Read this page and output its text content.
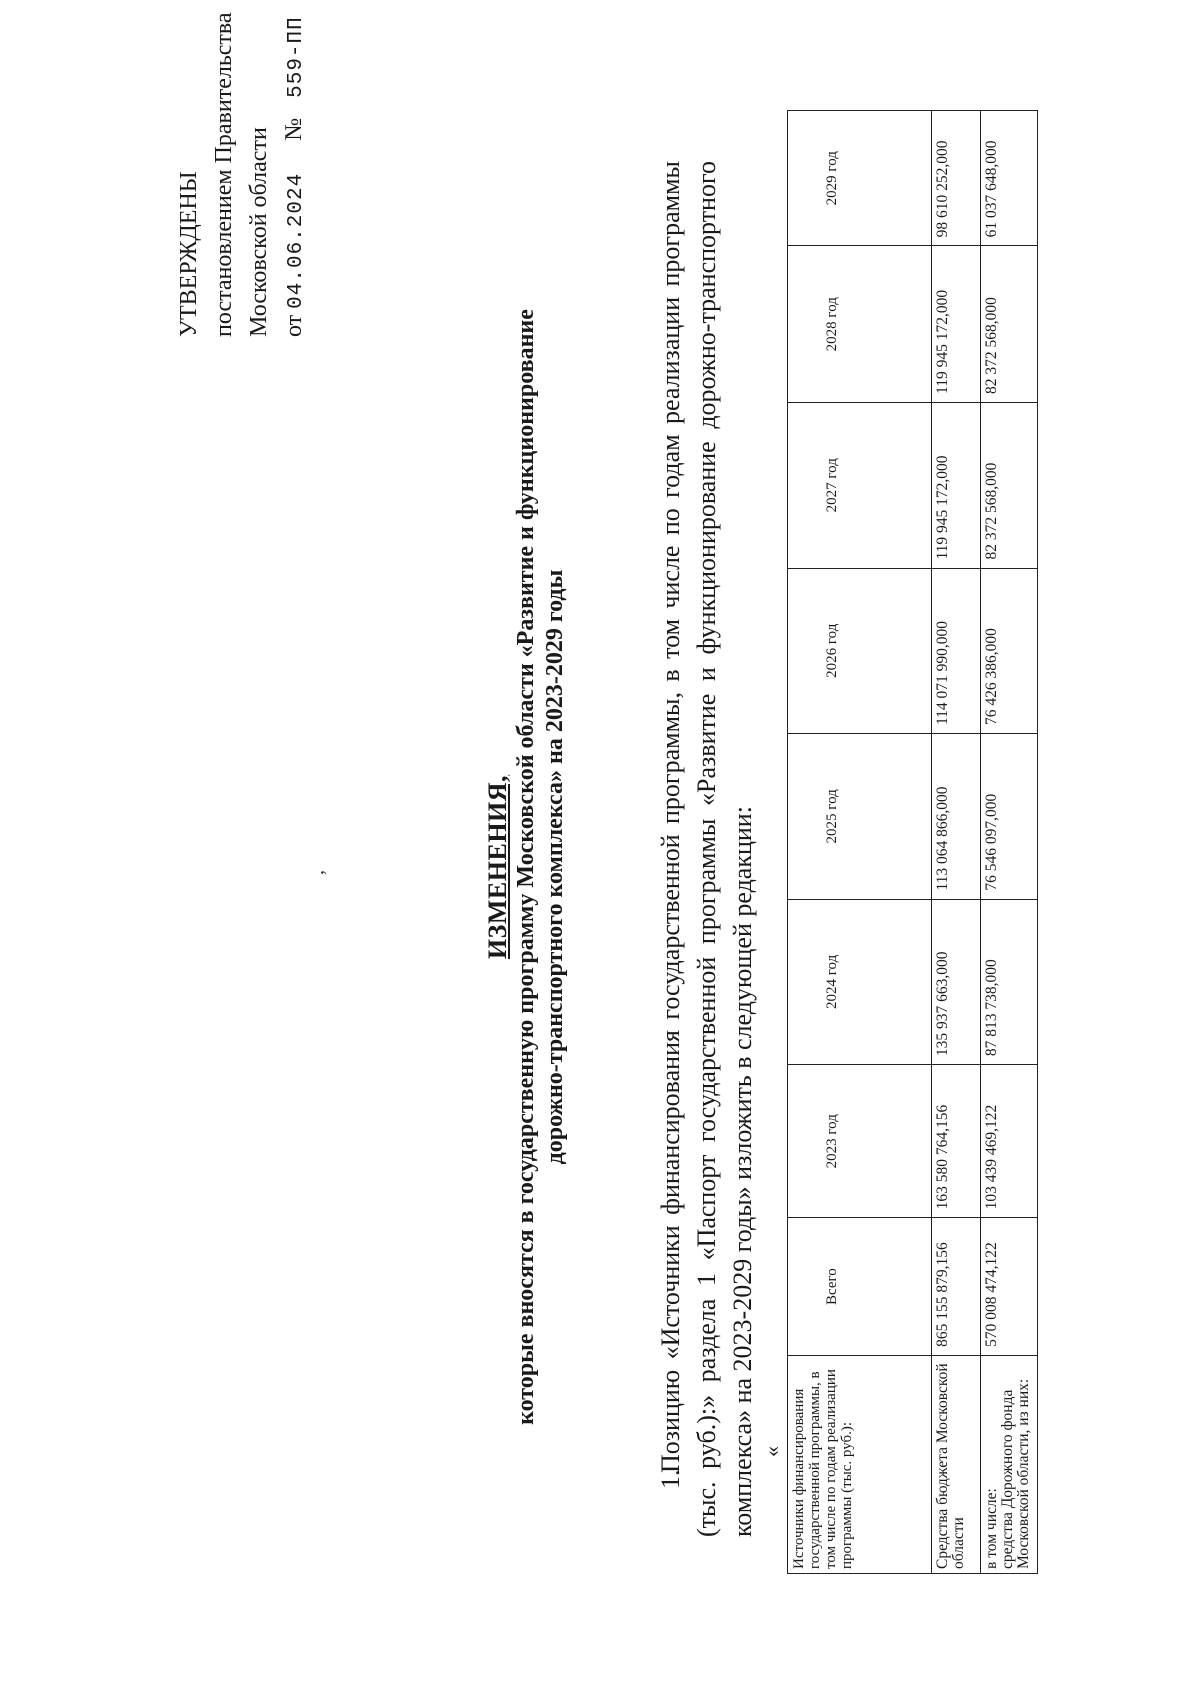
УТВЕРЖДЕНЫ постановлением Правительства Московской области от 04.06.2024 № 559-ПП
,	ИЗМЕНЕНИЯ, которые вносятся в государственную программу Московской области «Развитие и функционирование дорожно-транспортного комплекса» на 2023-2029 годы
1.Позицию «Источники финансирования государственной программы, в том числе по годам реализации программы (тыс. руб.):» раздела 1 «Паспорт государственной программы «Развитие и функционирование дорожно-транспортного комплекса» на 2023-2029 годы» изложить в следующей редакции: « Источники финансирования государственной программы, в том числе по годам реализации программы (тыс. руб.):	Всего	2023 год	2024 год	2025 год	2026 год	2027 год	2028 год	2029 год
Средства бюджета Московской области	865 155 879,156	163 580 764,156	135 937 663,000	113 064 866,000	114 071 990,000	119 945 172,000	119 945 172,000	98 610 252,000
в том числе:
средства Дорожного фонда Московской области, из них:	570 008 474,122	103 439 469,122	87 813 738,000	76 546 097,000	76 426 386,000	82 372 568,000	82 372 568,000	61 037 648,000
